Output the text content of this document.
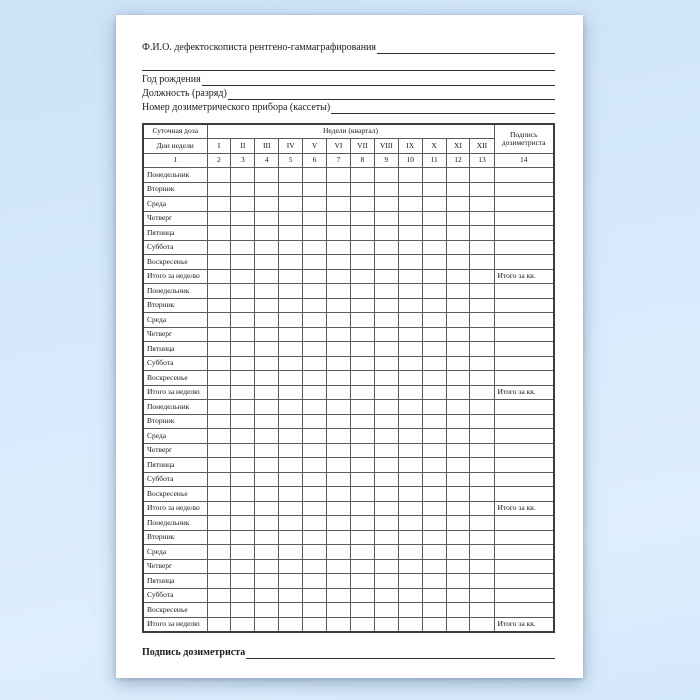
Ф.И.О. дефектоскописта рентгено-гаммаграфирования
Год рождения
Должность (разряд)
Номер дозиметрического прибора (кассеты)
Суточная доза	Недели (квартал)												Подпись дозиметриста
Дни недели	I	II	III	IV	V	VI	VII	VIII	IX	X	XI	XII	
1	2	3	4	5	6	7	8	9	10	11	12	13	14
Понедельник													
Вторник													
Среда													
Четверг													
Пятница													
Суббота													
Воскресенье													
Итого за неделю													Итого за кв.
Понедельник													
Вторник													
Среда													
Четверг													
Пятница													
Суббота													
Воскресенье													
Итого за неделю													Итого за кв.
Понедельник													
Вторник													
Среда													
Четверг													
Пятница													
Суббота													
Воскресенье													
Итого за неделю													Итого за кв.
Понедельник													
Вторник													
Среда													
Четверг													
Пятница													
Суббота													
Воскресенье													
Итого за неделю													Итого за кв.
Подпись дозиметриста
